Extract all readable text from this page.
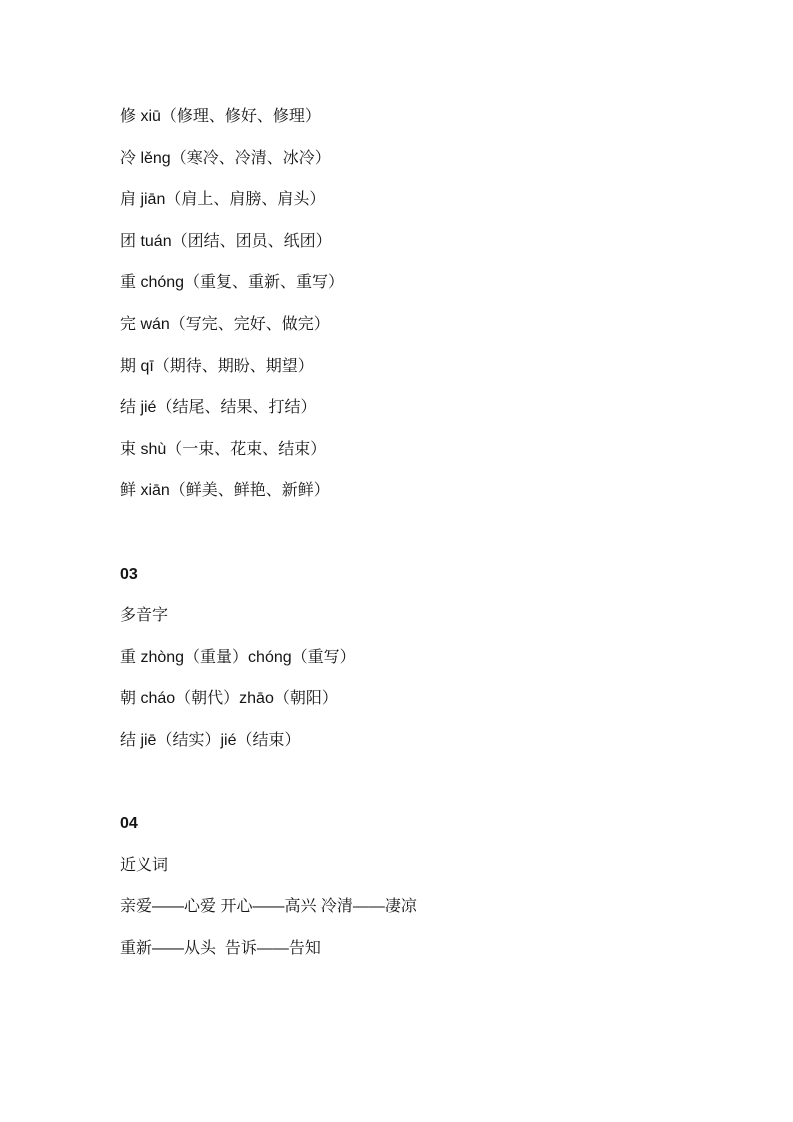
修 xiū（修理、修好、修理）

冷 lěng（寒冷、冷清、冰冷）

肩 jiān（肩上、肩膀、肩头）

团 tuán（团结、团员、纸团）

重 chóng（重复、重新、重写）

完 wán（写完、完好、做完）

期 qī（期待、期盼、期望）

结 jié（结尾、结果、打结）

束 shù（一束、花束、结束）

鲜 xiān（鲜美、鲜艳、新鲜）

03

多音字

重 zhòng（重量）chóng（重写）

朝 cháo（朝代）zhāo（朝阳）

结 jiē（结实）jié（结束）

04

近义词

亲爱——心爱 开心——高兴 冷清——凄凉

重新——从头  告诉——告知
